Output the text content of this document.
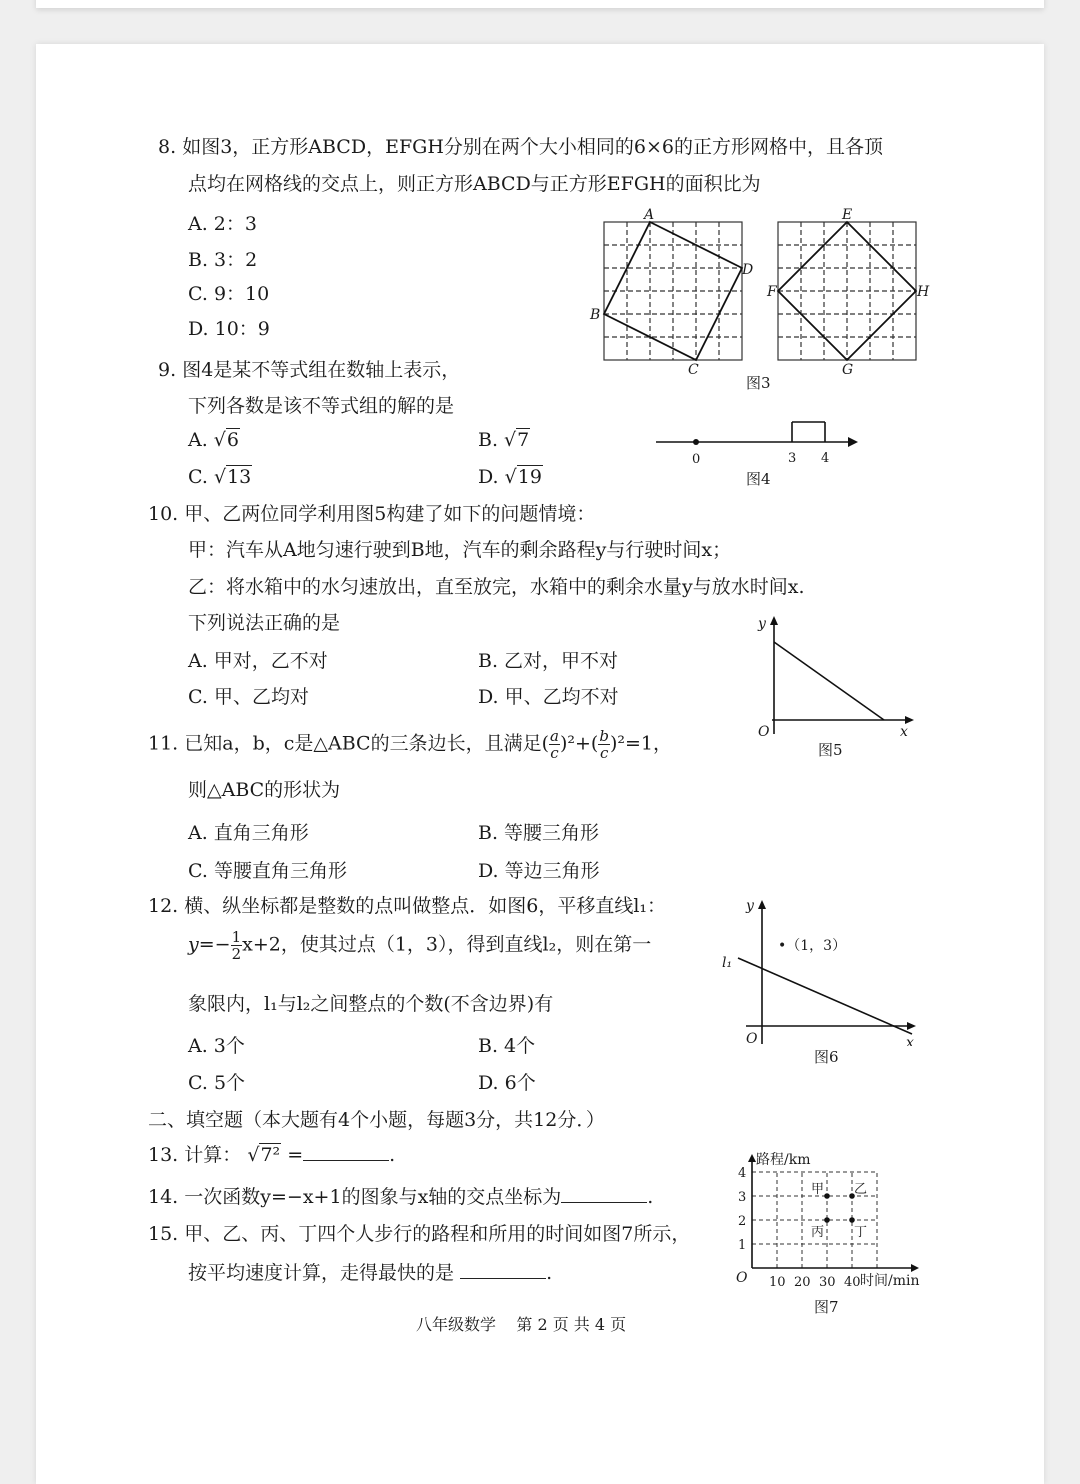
8. 如图3，正方形ABCD，EFGH分别在两个大小相同的6×6的正方形网格中，且各顶
点均在网格线的交点上，则正方形ABCD与正方形EFGH的面积比为
A. 2：3
B. 3：2
C. 9：10
D. 10：9
A
B
C
D
E
F
G
H
图3
9. 图4是某不等式组在数轴上表示，
下列各数是该不等式组的解的是
A. √6	B. √7
C. √13	D. √19
0	3 4
图4
10. 甲、乙两位同学利用图5构建了如下的问题情境：
甲：汽车从A地匀速行驶到B地，汽车的剩余路程y与行驶时间x；
乙：将水箱中的水匀速放出，直至放完，水箱中的剩余水量y与放水时间x.
下列说法正确的是
A. 甲对，乙不对	B. 乙对，甲不对
C. 甲、乙均对	D. 甲、乙均不对
y
x
O
图5
11. 已知a，b，c是△ABC的三条边长，且满足( $\frac{a}{c} )^2+( \frac{b}{c} )^2=1$，
则△ABC的形状为
A. 直角三角形	B. 等腰三角形
C. 等腰直角三角形	D. 等边三角形
12. 横、纵坐标都是整数的点叫做整点．如图6，平移直线l₁：
$y=- \frac{1}{2} x+2$，使其过点（1，3），得到直线l₂，则在第一
象限内，l₁与l₂之间整点的个数(不含边界)有
A. 3个	B. 4个
C. 5个	D. 6个
y
x
O
l₁
•（1，3）
图6
二、填空题（本大题有4个小题，每题3分，共12分．）
13. 计算： √7² =	.
14. 一次函数y=−x+1的图象与x轴的交点坐标为	.
15. 甲、乙、丙、丁四个人步行的路程和所用的时间如图7所示，
按平均速度计算，走得最快的是	.
1
2
3
4
10 20 30 40
甲 乙
丙 丁
路程/km
时间/min
O
图7
八年级数学 第 2 页 共 4 页
